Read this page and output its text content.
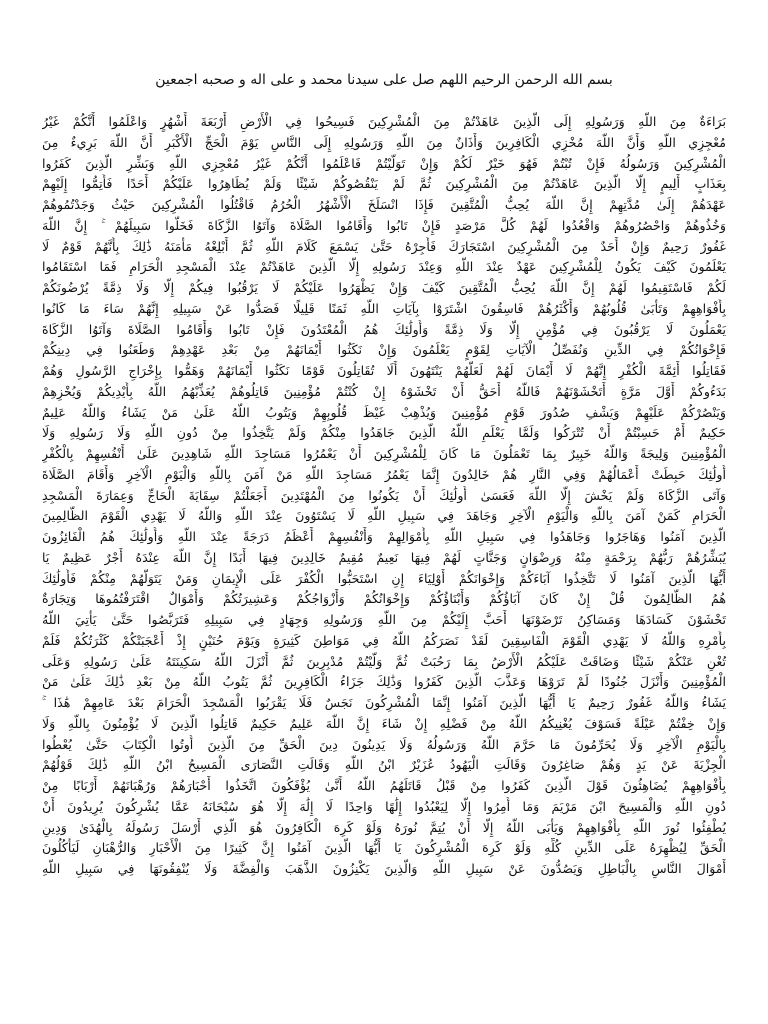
بسم الله الرحمن الرحيم اللهم صل على سيدنا محمد و على اله و صحبه اجمعين
بَرَاءَةٌ مِنَ اللَّهِ وَرَسُولِهِ إِلَى الَّذِينَ عَاهَدْتُمْ مِنَ الْمُشْرِكِينَ فَسِيحُوا فِي الْأَرْضِ أَرْبَعَةَ أَشْهُرٍ وَاعْلَمُوا أَنَّكُمْ غَيْرُ
مُعْجِزِي اللَّهِ وَأَنَّ اللَّهَ مُخْزِي الْكَافِرِينَ وَأَذَانٌ مِنَ اللَّهِ وَرَسُولِهِ إِلَى النَّاسِ يَوْمَ الْحَجِّ الْأَكْبَرِ أَنَّ اللَّهَ بَرِيءٌ مِنَ
الْمُشْرِكِينَ وَرَسُولُهُ فَإِنْ تُبْتُمْ فَهُوَ خَيْرٌ لَكُمْ وَإِنْ تَوَلَّيْتُمْ فَاعْلَمُوا أَنَّكُمْ غَيْرُ مُعْجِزِي اللَّهِ وَبَشِّرِ الَّذِينَ كَفَرُوا
بِعَذَابٍ أَلِيمٍ إِلَّا الَّذِينَ عَاهَدْتُمْ مِنَ الْمُشْرِكِينَ ثُمَّ لَمْ يَنْقُصُوكُمْ شَيْئًا وَلَمْ يُظَاهِرُوا عَلَيْكُمْ أَحَدًا فَأَتِمُّوا إِلَيْهِمْ
عَهْدَهُمْ إِلَىٰ مُدَّتِهِمْ إِنَّ اللَّهَ يُحِبُّ الْمُتَّقِينَ فَإِذَا انْسَلَخَ الْأَشْهُرُ الْحُرُمُ فَاقْتُلُوا الْمُشْرِكِينَ حَيْثُ وَجَدْتُمُوهُمْ
وَخُذُوهُمْ وَاحْصُرُوهُمْ وَاقْعُدُوا لَهُمْ كُلَّ مَرْصَدٍ فَإِنْ تَابُوا وَأَقَامُوا الصَّلَاةَ وَآتَوُا الزَّكَاةَ فَخَلُّوا سَبِيلَهُمْ ۚ إِنَّ اللَّهَ
غَفُورٌ رَحِيمٌ وَإِنْ أَحَدٌ مِنَ الْمُشْرِكِينَ اسْتَجَارَكَ فَأَجِرْهُ حَتَّىٰ يَسْمَعَ كَلَامَ اللَّهِ ثُمَّ أَبْلِغْهُ مَأْمَنَهُ ذَٰلِكَ بِأَنَّهُمْ قَوْمٌ لَا
يَعْلَمُونَ كَيْفَ يَكُونُ لِلْمُشْرِكِينَ عَهْدٌ عِنْدَ اللَّهِ وَعِنْدَ رَسُولِهِ إِلَّا الَّذِينَ عَاهَدْتُمْ عِنْدَ الْمَسْجِدِ الْحَرَامِ فَمَا اسْتَقَامُوا
لَكُمْ فَاسْتَقِيمُوا لَهُمْ إِنَّ اللَّهَ يُحِبُّ الْمُتَّقِينَ كَيْفَ وَإِنْ يَظْهَرُوا عَلَيْكُمْ لَا يَرْقُبُوا فِيكُمْ إِلًّا وَلَا ذِمَّةً يُرْضُونَكُمْ
بِأَفْوَاهِهِمْ وَتَأْبَىٰ قُلُوبُهُمْ وَأَكْثَرُهُمْ فَاسِقُونَ اشْتَرَوْا بِآيَاتِ اللَّهِ ثَمَنًا قَلِيلًا فَصَدُّوا عَنْ سَبِيلِهِ إِنَّهُمْ سَاءَ مَا كَانُوا
يَعْمَلُونَ لَا يَرْقُبُونَ فِي مُؤْمِنٍ إِلًّا وَلَا ذِمَّةً وَأُولَٰئِكَ هُمُ الْمُعْتَدُونَ فَإِنْ تَابُوا وَأَقَامُوا الصَّلَاةَ وَآتَوُا الزَّكَاةَ
فَإِخْوَانُكُمْ فِي الدِّينِ وَنُفَصِّلُ الْآيَاتِ لِقَوْمٍ يَعْلَمُونَ وَإِنْ نَكَثُوا أَيْمَانَهُمْ مِنْ بَعْدِ عَهْدِهِمْ وَطَعَنُوا فِي دِينِكُمْ
فَقَاتِلُوا أَئِمَّةَ الْكُفْرِ إِنَّهُمْ لَا أَيْمَانَ لَهُمْ لَعَلَّهُمْ يَنْتَهُونَ أَلَا تُقَاتِلُونَ قَوْمًا نَكَثُوا أَيْمَانَهُمْ وَهَمُّوا بِإِخْرَاجِ الرَّسُولِ وَهُمْ
بَدَءُوكُمْ أَوَّلَ مَرَّةٍ أَتَخْشَوْنَهُمْ فَاللَّهُ أَحَقُّ أَنْ تَخْشَوْهُ إِنْ كُنْتُمْ مُؤْمِنِينَ قَاتِلُوهُمْ يُعَذِّبْهُمُ اللَّهُ بِأَيْدِيكُمْ وَيُخْزِهِمْ
وَيَنْصُرْكُمْ عَلَيْهِمْ وَيَشْفِ صُدُورَ قَوْمٍ مُؤْمِنِينَ وَيُذْهِبْ غَيْظَ قُلُوبِهِمْ وَيَتُوبُ اللَّهُ عَلَىٰ مَنْ يَشَاءُ وَاللَّهُ عَلِيمٌ
حَكِيمٌ أَمْ حَسِبْتُمْ أَنْ تُتْرَكُوا وَلَمَّا يَعْلَمِ اللَّهُ الَّذِينَ جَاهَدُوا مِنْكُمْ وَلَمْ يَتَّخِذُوا مِنْ دُونِ اللَّهِ وَلَا رَسُولِهِ وَلَا
الْمُؤْمِنِينَ وَلِيجَةً وَاللَّهُ خَبِيرٌ بِمَا تَعْمَلُونَ مَا كَانَ لِلْمُشْرِكِينَ أَنْ يَعْمُرُوا مَسَاجِدَ اللَّهِ شَاهِدِينَ عَلَىٰ أَنْفُسِهِمْ بِالْكُفْرِ
أُولَٰئِكَ حَبِطَتْ أَعْمَالُهُمْ وَفِي النَّارِ هُمْ خَالِدُونَ إِنَّمَا يَعْمُرُ مَسَاجِدَ اللَّهِ مَنْ آمَنَ بِاللَّهِ وَالْيَوْمِ الْآخِرِ وَأَقَامَ الصَّلَاةَ
وَآتَى الزَّكَاةَ وَلَمْ يَخْشَ إِلَّا اللَّهَ فَعَسَىٰ أُولَٰئِكَ أَنْ يَكُونُوا مِنَ الْمُهْتَدِينَ أَجَعَلْتُمْ سِقَايَةَ الْحَاجِّ وَعِمَارَةَ الْمَسْجِدِ
الْحَرَامِ كَمَنْ آمَنَ بِاللَّهِ وَالْيَوْمِ الْآخِرِ وَجَاهَدَ فِي سَبِيلِ اللَّهِ لَا يَسْتَوُونَ عِنْدَ اللَّهِ وَاللَّهُ لَا يَهْدِي الْقَوْمَ الظَّالِمِينَ
الَّذِينَ آمَنُوا وَهَاجَرُوا وَجَاهَدُوا فِي سَبِيلِ اللَّهِ بِأَمْوَالِهِمْ وَأَنْفُسِهِمْ أَعْظَمُ دَرَجَةً عِنْدَ اللَّهِ وَأُولَٰئِكَ هُمُ الْفَائِزُونَ
يُبَشِّرُهُمْ رَبُّهُمْ بِرَحْمَةٍ مِنْهُ وَرِضْوَانٍ وَجَنَّاتٍ لَهُمْ فِيهَا نَعِيمٌ مُقِيمٌ خَالِدِينَ فِيهَا أَبَدًا إِنَّ اللَّهَ عِنْدَهُ أَجْرٌ عَظِيمٌ يَا
أَيُّهَا الَّذِينَ آمَنُوا لَا تَتَّخِذُوا آبَاءَكُمْ وَإِخْوَانَكُمْ أَوْلِيَاءَ إِنِ اسْتَحَبُّوا الْكُفْرَ عَلَى الْإِيمَانِ وَمَنْ يَتَوَلَّهُمْ مِنْكُمْ فَأُولَٰئِكَ
هُمُ الظَّالِمُونَ قُلْ إِنْ كَانَ آبَاؤُكُمْ وَأَبْنَاؤُكُمْ وَإِخْوَانُكُمْ وَأَزْوَاجُكُمْ وَعَشِيرَتُكُمْ وَأَمْوَالٌ اقْتَرَفْتُمُوهَا وَتِجَارَةٌ
تَخْشَوْنَ كَسَادَهَا وَمَسَاكِنُ تَرْضَوْنَهَا أَحَبَّ إِلَيْكُمْ مِنَ اللَّهِ وَرَسُولِهِ وَجِهَادٍ فِي سَبِيلِهِ فَتَرَبَّصُوا حَتَّىٰ يَأْتِيَ اللَّهُ
بِأَمْرِهِ وَاللَّهُ لَا يَهْدِي الْقَوْمَ الْفَاسِقِينَ لَقَدْ نَصَرَكُمُ اللَّهُ فِي مَوَاطِنَ كَثِيرَةٍ وَيَوْمَ حُنَيْنٍ إِذْ أَعْجَبَتْكُمْ كَثْرَتُكُمْ فَلَمْ
تُغْنِ عَنْكُمْ شَيْئًا وَضَاقَتْ عَلَيْكُمُ الْأَرْضُ بِمَا رَحُبَتْ ثُمَّ وَلَّيْتُمْ مُدْبِرِينَ ثُمَّ أَنْزَلَ اللَّهُ سَكِينَتَهُ عَلَىٰ رَسُولِهِ وَعَلَى
الْمُؤْمِنِينَ وَأَنْزَلَ جُنُودًا لَمْ تَرَوْهَا وَعَذَّبَ الَّذِينَ كَفَرُوا وَذَٰلِكَ جَزَاءُ الْكَافِرِينَ ثُمَّ يَتُوبُ اللَّهُ مِنْ بَعْدِ ذَٰلِكَ عَلَىٰ مَنْ
يَشَاءُ وَاللَّهُ غَفُورٌ رَحِيمٌ يَا أَيُّهَا الَّذِينَ آمَنُوا إِنَّمَا الْمُشْرِكُونَ نَجَسٌ فَلَا يَقْرَبُوا الْمَسْجِدَ الْحَرَامَ بَعْدَ عَامِهِمْ هَٰذَا ۚ
وَإِنْ خِفْتُمْ عَيْلَةً فَسَوْفَ يُغْنِيكُمُ اللَّهُ مِنْ فَضْلِهِ إِنْ شَاءَ إِنَّ اللَّهَ عَلِيمٌ حَكِيمٌ قَاتِلُوا الَّذِينَ لَا يُؤْمِنُونَ بِاللَّهِ وَلَا
بِالْيَوْمِ الْآخِرِ وَلَا يُحَرِّمُونَ مَا حَرَّمَ اللَّهُ وَرَسُولُهُ وَلَا يَدِينُونَ دِينَ الْحَقِّ مِنَ الَّذِينَ أُوتُوا الْكِتَابَ حَتَّىٰ يُعْطُوا
الْجِزْيَةَ عَنْ يَدٍ وَهُمْ صَاغِرُونَ وَقَالَتِ الْيَهُودُ عُزَيْرٌ ابْنُ اللَّهِ وَقَالَتِ النَّصَارَى الْمَسِيحُ ابْنُ اللَّهِ ذَٰلِكَ قَوْلُهُمْ
بِأَفْوَاهِهِمْ يُضَاهِئُونَ قَوْلَ الَّذِينَ كَفَرُوا مِنْ قَبْلُ قَاتَلَهُمُ اللَّهُ أَنَّىٰ يُؤْفَكُونَ اتَّخَذُوا أَحْبَارَهُمْ وَرُهْبَانَهُمْ أَرْبَابًا مِنْ
دُونِ اللَّهِ وَالْمَسِيحَ ابْنَ مَرْيَمَ وَمَا أُمِرُوا إِلَّا لِيَعْبُدُوا إِلَٰهًا وَاحِدًا لَا إِلَٰهَ إِلَّا هُوَ سُبْحَانَهُ عَمَّا يُشْرِكُونَ يُرِيدُونَ أَنْ
يُطْفِئُوا نُورَ اللَّهِ بِأَفْوَاهِهِمْ وَيَأْبَى اللَّهُ إِلَّا أَنْ يُتِمَّ نُورَهُ وَلَوْ كَرِهَ الْكَافِرُونَ هُوَ الَّذِي أَرْسَلَ رَسُولَهُ بِالْهُدَىٰ وَدِينِ
الْحَقِّ لِيُظْهِرَهُ عَلَى الدِّينِ كُلِّهِ وَلَوْ كَرِهَ الْمُشْرِكُونَ يَا أَيُّهَا الَّذِينَ آمَنُوا إِنَّ كَثِيرًا مِنَ الْأَحْبَارِ وَالرُّهْبَانِ لَيَأْكُلُونَ
أَمْوَالَ النَّاسِ بِالْبَاطِلِ وَيَصُدُّونَ عَنْ سَبِيلِ اللَّهِ وَالَّذِينَ يَكْنِزُونَ الذَّهَبَ وَالْفِضَّةَ وَلَا يُنْفِقُونَهَا فِي سَبِيلِ اللَّهِ
